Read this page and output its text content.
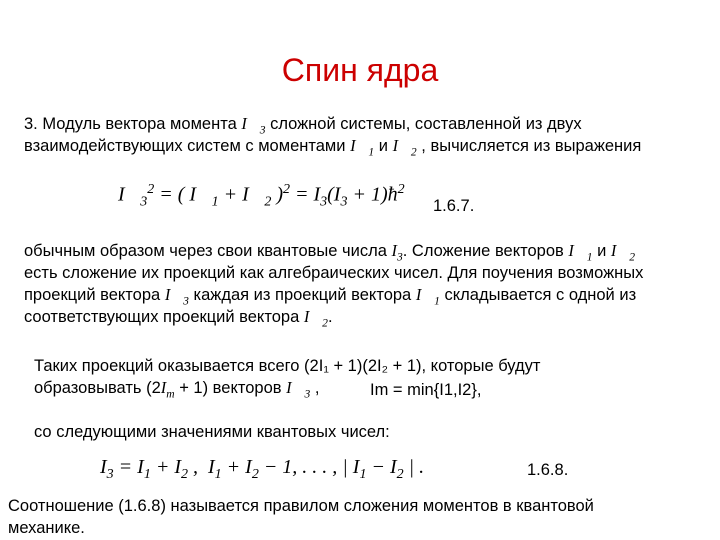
Спин ядра
3. Модуль вектора момента $I⃗_3$ сложной системы, составленной из двух
взаимодействующих систем с моментами $I⃗_1$ и $I⃗_2$ , вычисляется из выражения
$I⃗_3^2$ = ( $I⃗_1$ + $I⃗_2$ )$^2 = I_3(I_3$ + $1)ħ^2$
1.6.7.
обычным образом через свои квантовые числа $I_3$. Сложение векторов $I⃗_1$ и $I⃗_2$
есть сложение их проекций как алгебраических чисел. Для поучения возможных
проекций вектора $I⃗_3$ каждая из проекций вектора $I⃗_1$ складывается с одной из
соответствующих проекций вектора $I⃗_2$.
Таких проекций оказывается всего (2I₁ + 1)(2I₂ + 1), которые будут
образовывать $(2I_m + 1)$ векторов $I⃗_3$ ,	Im = min{I1,I2},
со следующими значениями квантовых чисел:
$I_3 = I_1 + I_2$ ,  $I_1 + I_2 - 1$, . . . , | $I_1 - I_2$ | .	1.6.8.
Соотношение (1.6.8) называется правилом сложения моментов в квантовой
механике.
